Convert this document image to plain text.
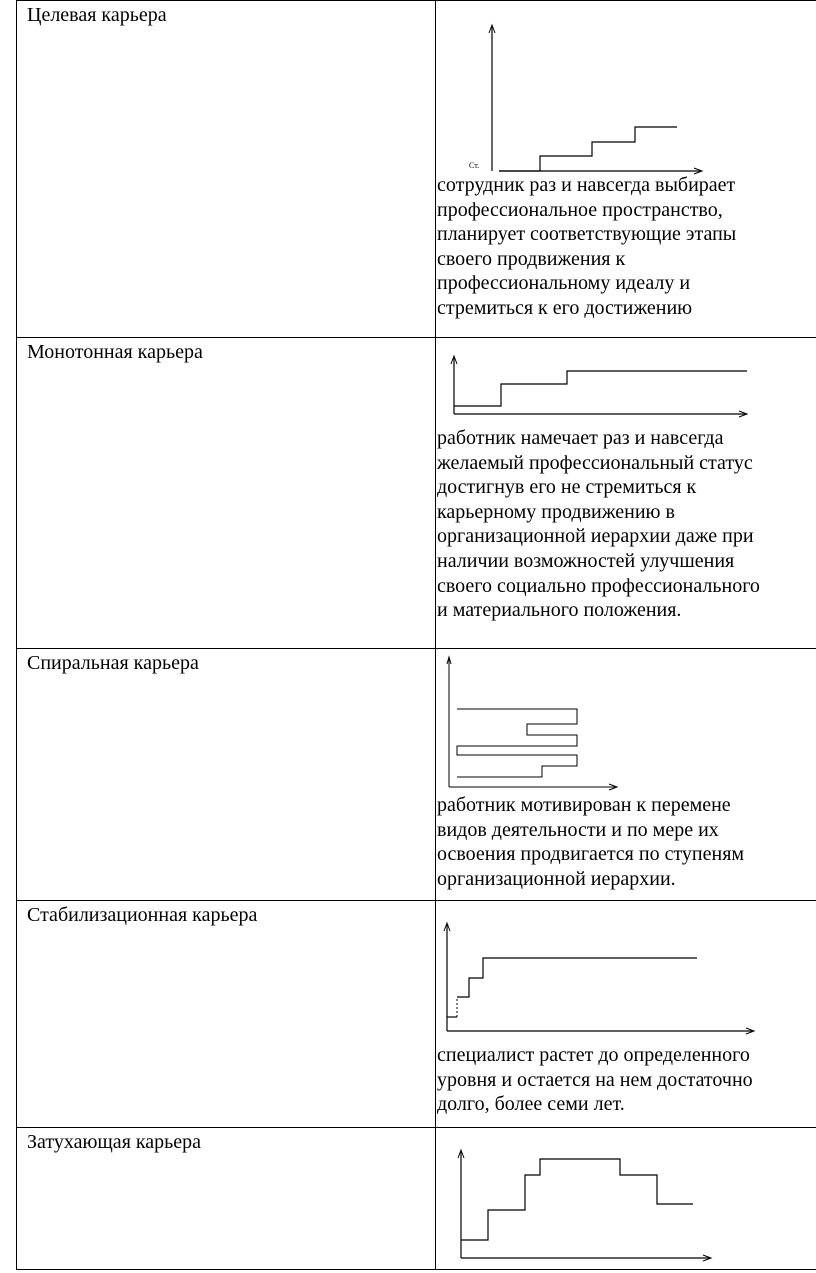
Целевая карьера
Ст.
сотрудник раз и навсегда выбирает
профессиональное пространство,
планирует соответствующие этапы
своего продвижения к
профессиональному идеалу и
стремиться к его достижению
Монотонная карьера
работник намечает раз и навсегда
желаемый профессиональный статус
достигнув его не стремиться к
карьерному продвижению в
организационной иерархии даже при
наличии возможностей улучшения
своего социально профессионального
и материального положения.
Спиральная карьера
работник мотивирован к перемене
видов деятельности и по мере их
освоения продвигается по ступеням
организационной иерархии.
Стабилизационная карьера
специалист растет до определенного
уровня и остается на нем достаточно
долго, более семи лет.
Затухающая карьера
